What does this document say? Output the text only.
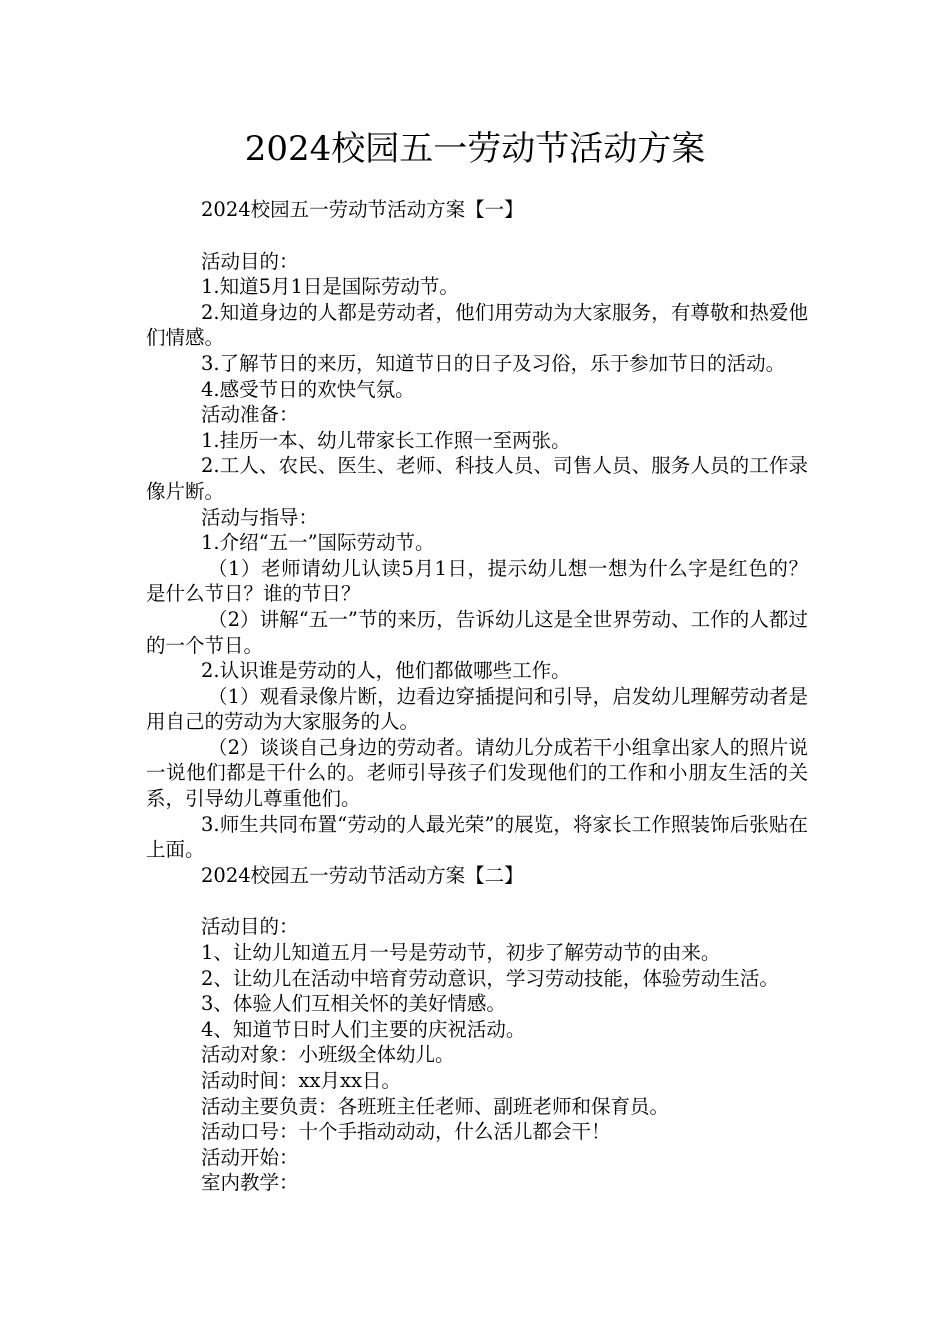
2024校园五一劳动节活动方案

2024校园五一劳动节活动方案【一】

活动目的：

1.知道5月1日是国际劳动节。

2.知道身边的人都是劳动者，他们用劳动为大家服务，有尊敬和热爱他们情感。

3.了解节日的来历，知道节日的日子及习俗，乐于参加节日的活动。

4.感受节日的欢快气氛。

活动准备：

1.挂历一本、幼儿带家长工作照一至两张。

2.工人、农民、医生、老师、科技人员、司售人员、服务人员的工作录像片断。

活动与指导：

1.介绍“五一”国际劳动节。

（1）老师请幼儿认读5月1日，提示幼儿想一想为什么字是红色的？是什么节日？谁的节日？

（2）讲解“五一”节的来历，告诉幼儿这是全世界劳动、工作的人都过的一个节日。

2.认识谁是劳动的人，他们都做哪些工作。

（1）观看录像片断，边看边穿插提问和引导，启发幼儿理解劳动者是用自己的劳动为大家服务的人。

（2）谈谈自己身边的劳动者。请幼儿分成若干小组拿出家人的照片说一说他们都是干什么的。老师引导孩子们发现他们的工作和小朋友生活的关系，引导幼儿尊重他们。

3.师生共同布置“劳动的人最光荣”的展览，将家长工作照装饰后张贴在上面。

2024校园五一劳动节活动方案【二】

活动目的：

1、让幼儿知道五月一号是劳动节，初步了解劳动节的由来。

2、让幼儿在活动中培育劳动意识，学习劳动技能，体验劳动生活。

3、体验人们互相关怀的美好情感。

4、知道节日时人们主要的庆祝活动。

活动对象：小班级全体幼儿。

活动时间：xx月xx日。

活动主要负责：各班班主任老师、副班老师和保育员。

活动口号：十个手指动动动，什么活儿都会干！

活动开始：

室内教学：
